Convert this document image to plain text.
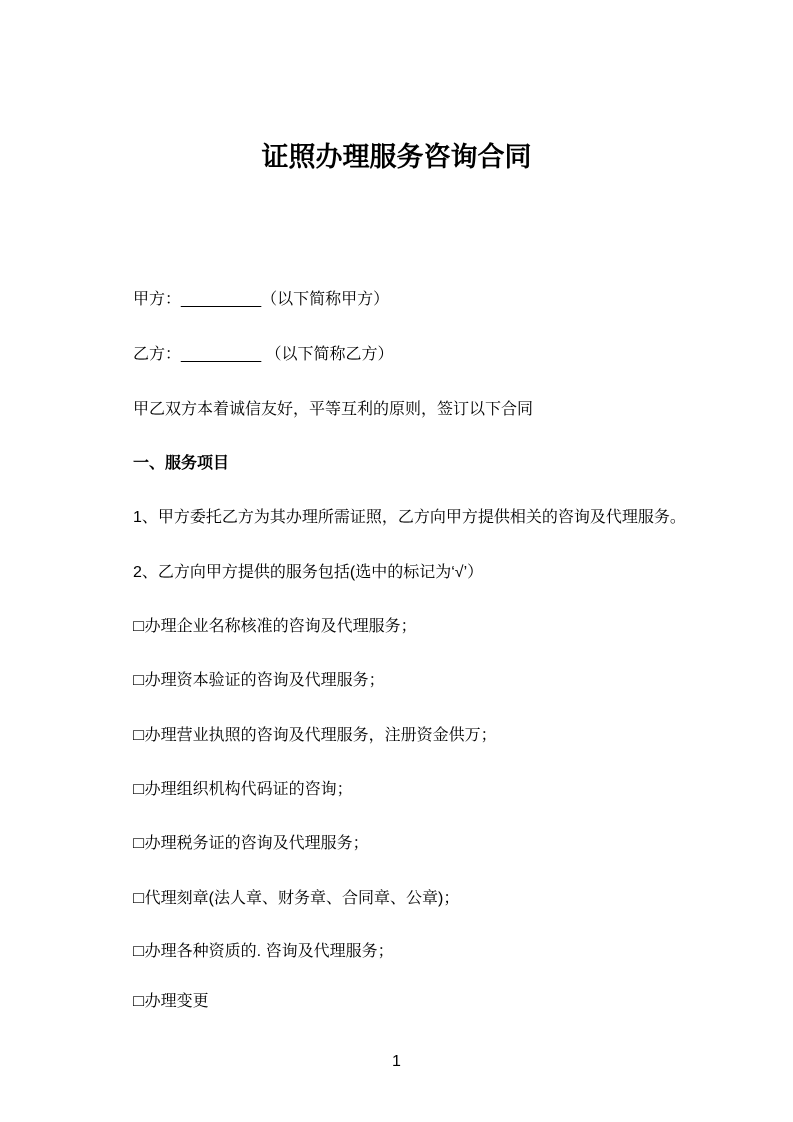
证照办理服务咨询合同

甲方：_________（以下简称甲方）

乙方：_________ （以下简称乙方）

甲乙双方本着诚信友好，平等互利的原则，签订以下合同

一、服务项目

1、甲方委托乙方为其办理所需证照，乙方向甲方提供相关的咨询及代理服务。

2、乙方向甲方提供的服务包括(选中的标记为‘√’）

□办理企业名称核准的咨询及代理服务；

□办理资本验证的咨询及代理服务；

□办理营业执照的咨询及代理服务，注册资金供万；

□办理组织机构代码证的咨询；

□办理税务证的咨询及代理服务；

□代理刻章(法人章、财务章、合同章、公章)；

□办理各种资质的. 咨询及代理服务；

□办理变更

1
